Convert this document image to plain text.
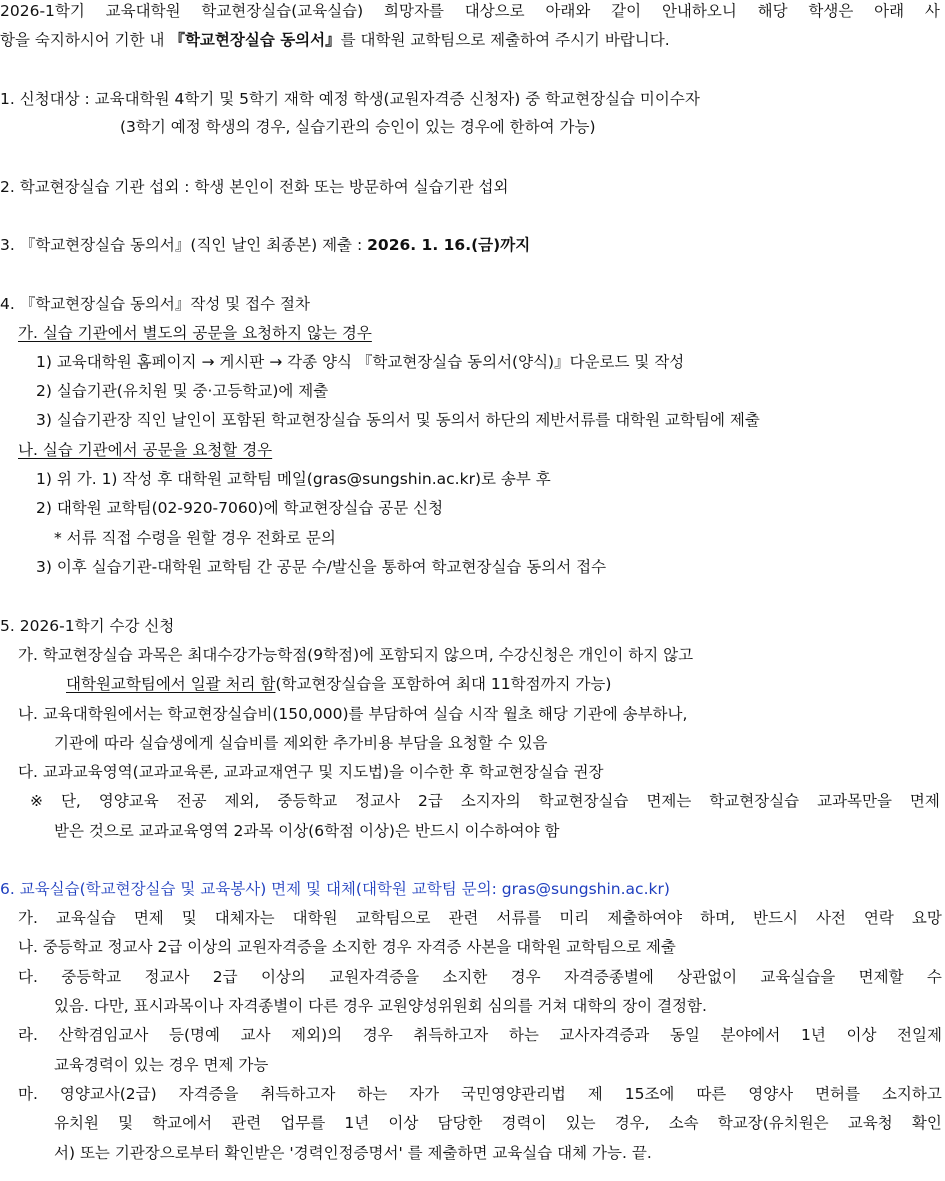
2026-1학기 교육대학원 학교현장실습(교육실습) 희망자를 대상으로 아래와 같이 안내하오니 해당 학생은 아래 사
항을 숙지하시어 기한 내 『학교현장실습 동의서』를 대학원 교학팀으로 제출하여 주시기 바랍니다.
1. 신청대상 : 교육대학원 4학기 및 5학기 재학 예정 학생(교원자격증 신청자) 중 학교현장실습 미이수자
(3학기 예정 학생의 경우, 실습기관의 승인이 있는 경우에 한하여 가능)
2. 학교현장실습 기관 섭외 : 학생 본인이 전화 또는 방문하여 실습기관 섭외
3. 『학교현장실습 동의서』(직인 날인 최종본) 제출 : 2026. 1. 16.(금)까지
4. 『학교현장실습 동의서』작성 및 접수 절차
가. 실습 기관에서 별도의 공문을 요청하지 않는 경우
1) 교육대학원 홈페이지 → 게시판 → 각종 양식 『학교현장실습 동의서(양식)』다운로드 및 작성
2) 실습기관(유치원 및 중·고등학교)에 제출
3) 실습기관장 직인 날인이 포함된 학교현장실습 동의서 및 동의서 하단의 제반서류를 대학원 교학팀에 제출
나. 실습 기관에서 공문을 요청할 경우
1) 위 가. 1) 작성 후 대학원 교학팀 메일(gras@sungshin.ac.kr)로 송부 후
2) 대학원 교학팀(02-920-7060)에 학교현장실습 공문 신청
* 서류 직접 수령을 원할 경우 전화로 문의
3) 이후 실습기관-대학원 교학팀 간 공문 수/발신을 통하여 학교현장실습 동의서 접수
5. 2026-1학기 수강 신청
가. 학교현장실습 과목은 최대수강가능학점(9학점)에 포함되지 않으며, 수강신청은 개인이 하지 않고
대학원교학팀에서 일괄 처리 함(학교현장실습을 포함하여 최대 11학점까지 가능)
나. 교육대학원에서는 학교현장실습비(150,000)를 부담하여 실습 시작 월초 해당 기관에 송부하나,
기관에 따라 실습생에게 실습비를 제외한 추가비용 부담을 요청할 수 있음
다. 교과교육영역(교과교육론, 교과교재연구 및 지도법)을 이수한 후 학교현장실습 권장
※ 단, 영양교육 전공 제외, 중등학교 정교사 2급 소지자의 학교현장실습 면제는 학교현장실습 교과목만을 면제
받은 것으로 교과교육영역 2과목 이상(6학점 이상)은 반드시 이수하여야 함
6. 교육실습(학교현장실습 및 교육봉사) 면제 및 대체(대학원 교학팀 문의: gras@sungshin.ac.kr)
가. 교육실습 면제 및 대체자는 대학원 교학팀으로 관련 서류를 미리 제출하여야 하며, 반드시 사전 연락 요망
나. 중등학교 정교사 2급 이상의 교원자격증을 소지한 경우 자격증 사본을 대학원 교학팀으로 제출
다. 중등학교 정교사 2급 이상의 교원자격증을 소지한 경우 자격증종별에 상관없이 교육실습을 면제할 수
있음. 다만, 표시과목이나 자격종별이 다른 경우 교원양성위원회 심의를 거쳐 대학의 장이 결정함.
라. 산학겸임교사 등(명예 교사 제외)의 경우 취득하고자 하는 교사자격증과 동일 분야에서 1년 이상 전일제
교육경력이 있는 경우 면제 가능
마. 영양교사(2급) 자격증을 취득하고자 하는 자가 국민영양관리법 제 15조에 따른 영양사 면허를 소지하고
유치원 및 학교에서 관련 업무를 1년 이상 담당한 경력이 있는 경우, 소속 학교장(유치원은 교육청 확인
서) 또는 기관장으로부터 확인받은 '경력인정증명서' 를 제출하면 교육실습 대체 가능. 끝.
